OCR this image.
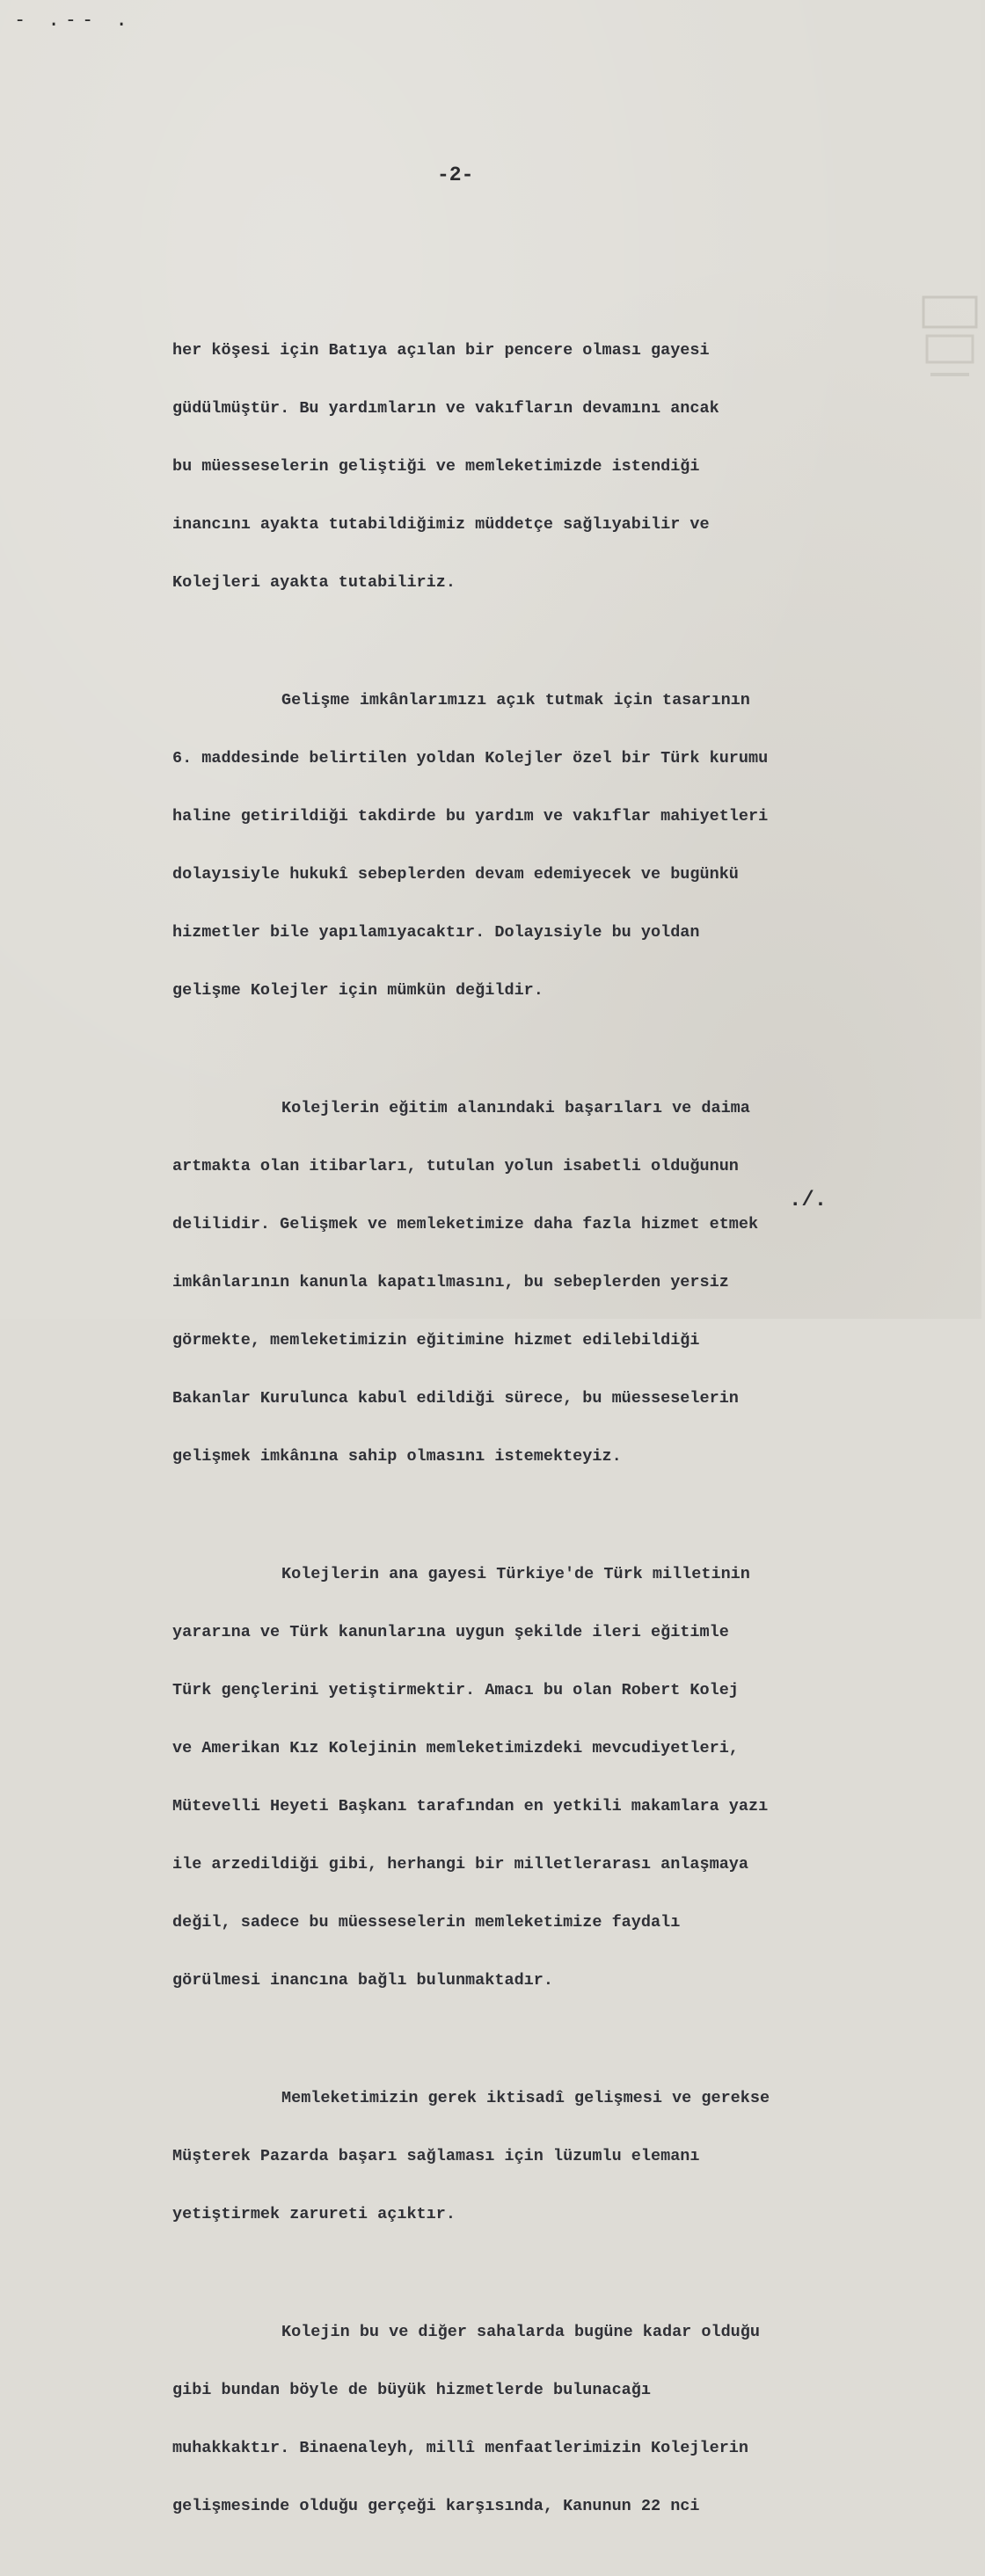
- .-- .
-2-

her köşesi için Batıya açılan bir pencere olması gayesi

güdülmüştür. Bu yardımların ve vakıfların devamını ancak

bu müesseselerin geliştiği ve memleketimizde istendiği

inancını ayakta tutabildiğimiz müddetçe sağlıyabilir ve

Kolejleri ayakta tutabiliriz.

Gelişme imkânlarımızı açık tutmak için tasarının

6. maddesinde belirtilen yoldan Kolejler özel bir Türk kurumu

haline getirildiği takdirde bu yardım ve vakıflar mahiyetleri

dolayısiyle hukukî sebeplerden devam edemiyecek ve bugünkü

hizmetler bile yapılamıyacaktır. Dolayısiyle bu yoldan

gelişme Kolejler için mümkün değildir.

Kolejlerin eğitim alanındaki başarıları ve daima

artmakta olan itibarları, tutulan yolun isabetli olduğunun

delilidir. Gelişmek ve memleketimize daha fazla hizmet etmek

imkânlarının kanunla kapatılmasını, bu sebeplerden yersiz

görmekte, memleketimizin eğitimine hizmet edilebildiği

Bakanlar Kurulunca kabul edildiği sürece, bu müesseselerin

gelişmek imkânına sahip olmasını istemekteyiz.

Kolejlerin ana gayesi Türkiye'de Türk milletinin

yararına ve Türk kanunlarına uygun şekilde ileri eğitimle

Türk gençlerini yetiştirmektir. Amacı bu olan Robert Kolej

ve Amerikan Kız Kolejinin memleketimizdeki mevcudiyetleri,

Mütevelli Heyeti Başkanı tarafından en yetkili makamlara yazı

ile arzedildiği gibi, herhangi bir milletlerarası anlaşmaya

değil, sadece bu müesseselerin memleketimize faydalı

görülmesi inancına bağlı bulunmaktadır.

Memleketimizin gerek iktisadî gelişmesi ve gerekse

Müşterek Pazarda başarı sağlaması için lüzumlu elemanı

yetiştirmek zarureti açıktır.

Kolejin bu ve diğer sahalarda bugüne kadar olduğu

gibi bundan böyle de büyük hizmetlerde bulunacağı

muhakkaktır. Binaenaleyh, millî menfaatlerimizin Kolejlerin

gelişmesinde olduğu gerçeği karşısında, Kanunun 22 nci

./.
